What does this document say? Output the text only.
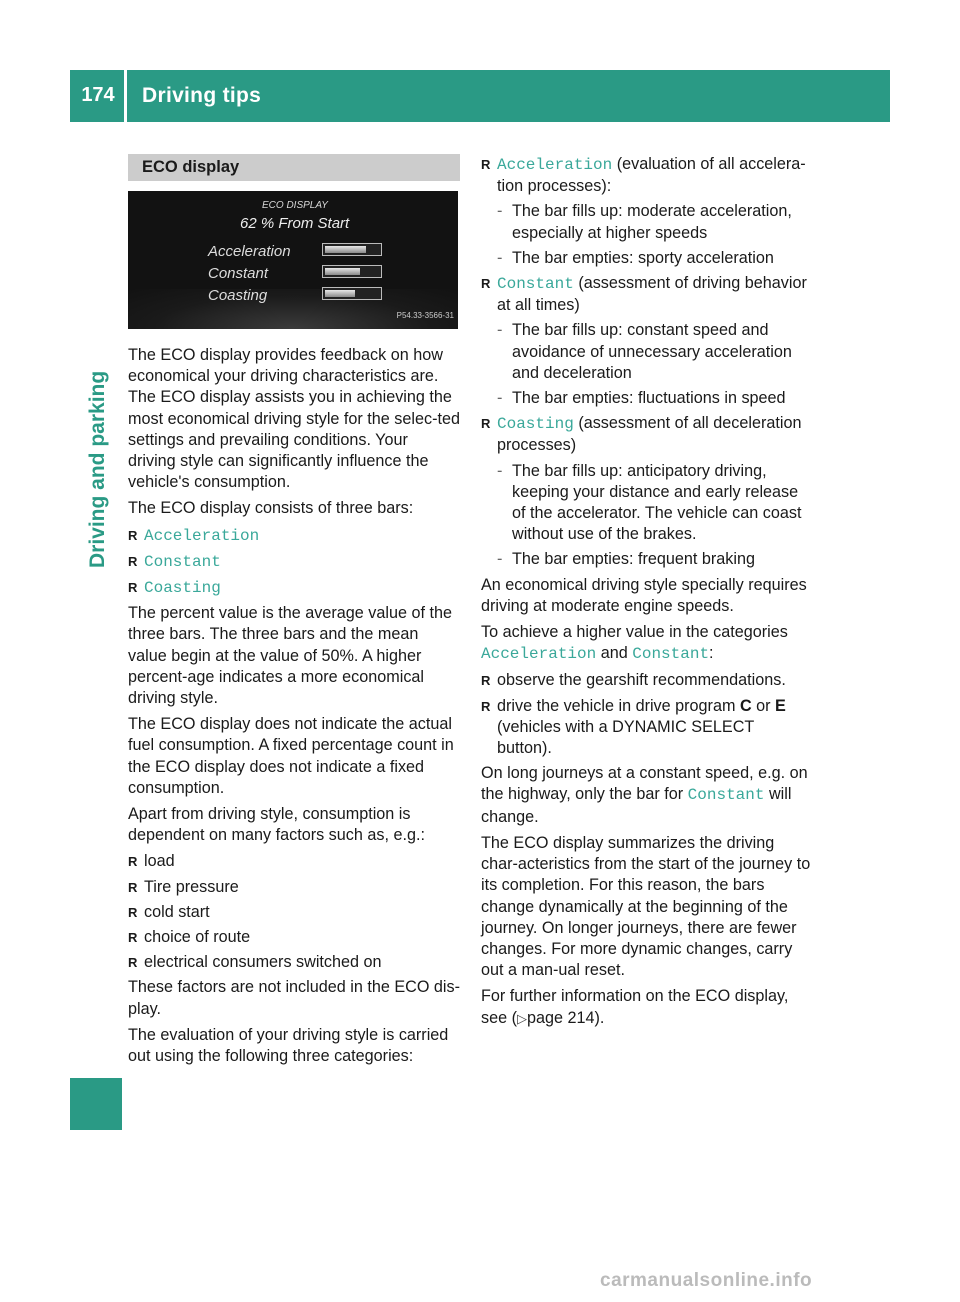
174	Driving tips
Driving and parking
ECO display
ECO DISPLAY
62 % From Start
Acceleration
Constant
Coasting
P54.33-3566-31

The ECO display provides feedback on how economical your driving characteristics are. The ECO display assists you in achieving the most economical driving style for the selec-ted settings and prevailing conditions. Your driving style can significantly influence the vehicle's consumption.

The ECO display consists of three bars:

R Acceleration
R Constant
R Coasting

The percent value is the average value of the three bars. The three bars and the mean value begin at the value of 50%. A higher percent-age indicates a more economical driving style.

The ECO display does not indicate the actual fuel consumption. A fixed percentage count in the ECO display does not indicate a fixed consumption.

Apart from driving style, consumption is dependent on many factors such as, e.g.:

R load
R Tire pressure
R cold start
R choice of route
R electrical consumers switched on

These factors are not included in the ECO dis-play.

The evaluation of your driving style is carried out using the following three categories:

R Acceleration (evaluation of all accelera-tion processes):
- The bar fills up: moderate acceleration, especially at higher speeds
- The bar empties: sporty acceleration
R Constant (assessment of driving behavior at all times)
- The bar fills up: constant speed and avoidance of unnecessary acceleration and deceleration
- The bar empties: fluctuations in speed
R Coasting (assessment of all deceleration processes)
- The bar fills up: anticipatory driving, keeping your distance and early release of the accelerator. The vehicle can coast without use of the brakes.
- The bar empties: frequent braking

An economical driving style specially requires driving at moderate engine speeds.

To achieve a higher value in the categories Acceleration and Constant:

R observe the gearshift recommendations.
R drive the vehicle in drive program C or E (vehicles with a DYNAMIC SELECT button).

On long journeys at a constant speed, e.g. on the highway, only the bar for Constant will change.

The ECO display summarizes the driving char-acteristics from the start of the journey to its completion. For this reason, the bars change dynamically at the beginning of the journey. On longer journeys, there are fewer changes. For more dynamic changes, carry out a man-ual reset.

For further information on the ECO display, see (▷page 214).

carmanualsonline.info
